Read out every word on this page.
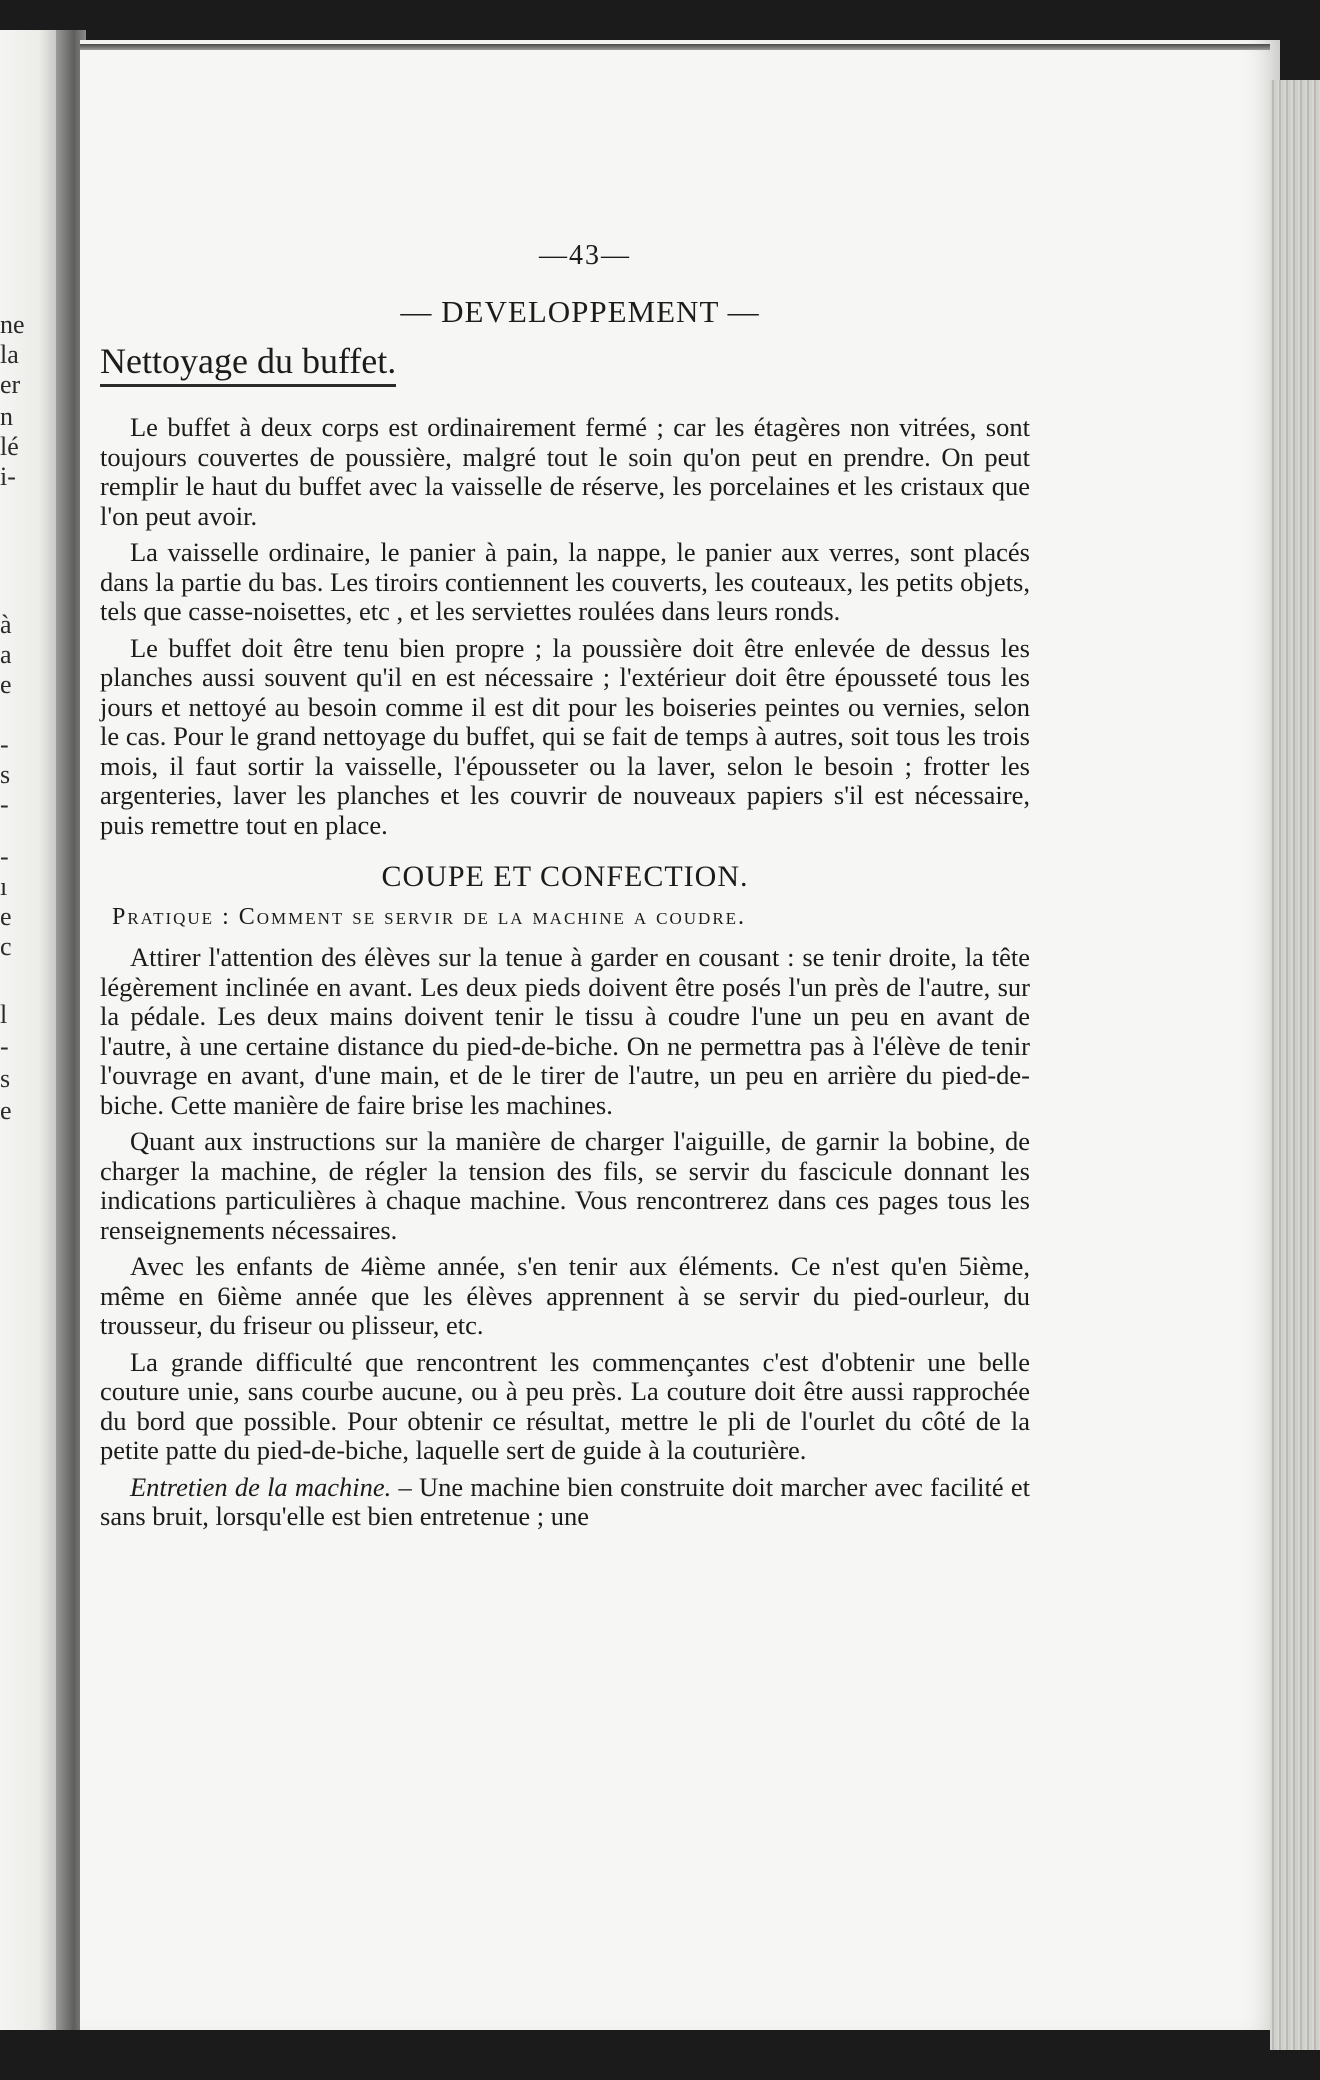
ne
la
er
n
lé
i-
à
a
e
-
s
-
-
ı
e
c
l
-
s
e
—43—
— DEVELOPPEMENT —
Nettoyage du buffet.

Le buffet à deux corps est ordinairement fermé ; car les étagères non vitrées, sont toujours couvertes de poussière, malgré tout le soin qu'on peut en prendre. On peut remplir le haut du buffet avec la vaisselle de réserve, les porcelaines et les cristaux que l'on peut avoir.

La vaisselle ordinaire, le panier à pain, la nappe, le panier aux verres, sont placés dans la partie du bas. Les tiroirs contiennent les couverts, les couteaux, les petits objets, tels que casse-noisettes, etc , et les serviettes roulées dans leurs ronds.

Le buffet doit être tenu bien propre ; la poussière doit être enlevée de dessus les planches aussi souvent qu'il en est nécessaire ; l'extérieur doit être épousseté tous les jours et nettoyé au besoin comme il est dit pour les boiseries peintes ou vernies, selon le cas. Pour le grand nettoyage du buffet, qui se fait de temps à autres, soit tous les trois mois, il faut sortir la vaisselle, l'épousseter ou la laver, selon le besoin ; frotter les argenteries, laver les planches et les couvrir de nouveaux papiers s'il est nécessaire, puis remettre tout en place.

COUPE ET CONFECTION.
Pratique : Comment se servir de la machine a coudre.

Attirer l'attention des élèves sur la tenue à garder en cousant : se tenir droite, la tête légèrement inclinée en avant. Les deux pieds doivent être posés l'un près de l'autre, sur la pédale. Les deux mains doivent tenir le tissu à coudre l'une un peu en avant de l'autre, à une certaine distance du pied-de-biche. On ne permettra pas à l'élève de tenir l'ouvrage en avant, d'une main, et de le tirer de l'autre, un peu en arrière du pied-de-biche. Cette manière de faire brise les machines.

Quant aux instructions sur la manière de charger l'aiguille, de garnir la bobine, de charger la machine, de régler la tension des fils, se servir du fascicule donnant les indications particulières à chaque machine. Vous rencontrerez dans ces pages tous les renseignements nécessaires.

Avec les enfants de 4ième année, s'en tenir aux éléments. Ce n'est qu'en 5ième, même en 6ième année que les élèves apprennent à se servir du pied-ourleur, du trousseur, du friseur ou plisseur, etc.

La grande difficulté que rencontrent les commençantes c'est d'obtenir une belle couture unie, sans courbe aucune, ou à peu près. La couture doit être aussi rapprochée du bord que possible. Pour obtenir ce résultat, mettre le pli de l'ourlet du côté de la petite patte du pied-de-biche, laquelle sert de guide à la couturière.

Entretien de la machine. – Une machine bien construite doit marcher avec facilité et sans bruit, lorsqu'elle est bien entretenue ; une
